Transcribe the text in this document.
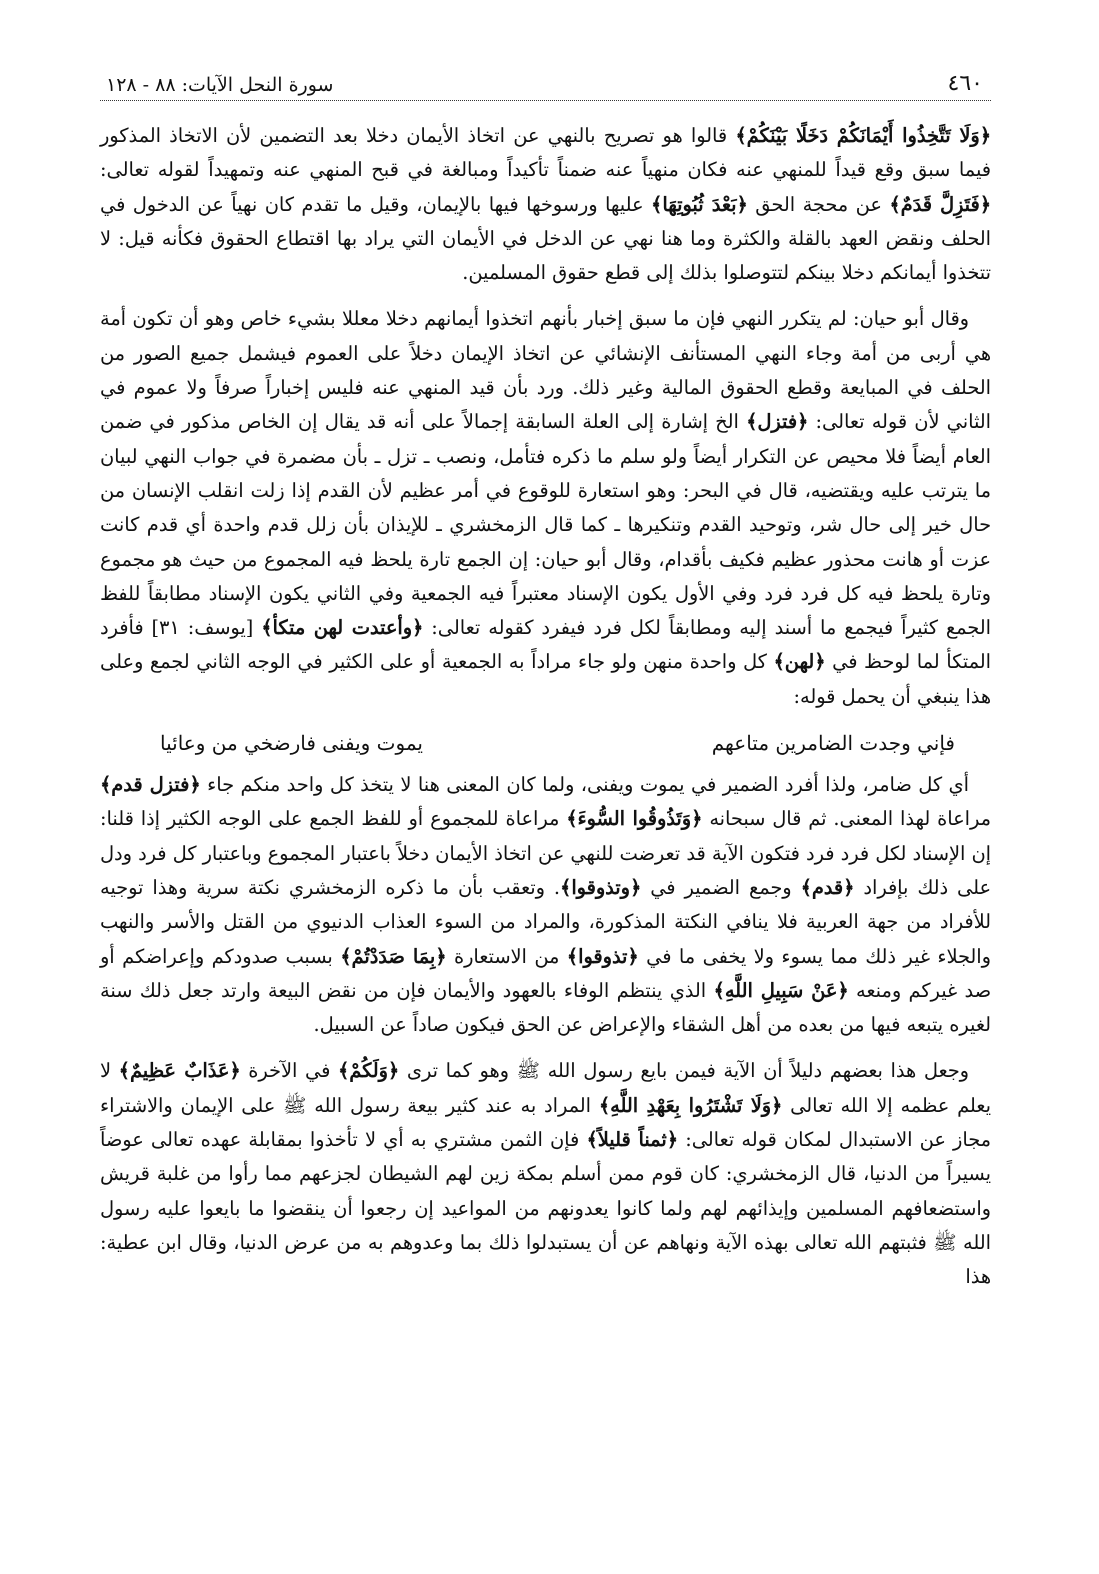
٤٦٠
سورة النحل الآيات: ٨٨ - ١٢٨

﴿وَلَا تَتَّخِذُوا أَيْمَانَكُمْ دَخَلًا بَيْنَكُمْ﴾ قالوا هو تصريح بالنهي عن اتخاذ الأيمان دخلا بعد التضمين لأن الاتخاذ المذكور فيما سبق وقع قيداً للمنهي عنه فكان منهياً عنه ضمناً تأكيداً ومبالغة في قبح المنهي عنه وتمهيداً لقوله تعالى: ﴿فَتَزِلَّ قَدَمٌ﴾ عن محجة الحق ﴿بَعْدَ ثُبُوتِهَا﴾ عليها ورسوخها فيها بالإيمان، وقيل ما تقدم كان نهياً عن الدخول في الحلف ونقض العهد بالقلة والكثرة وما هنا نهي عن الدخل في الأيمان التي يراد بها اقتطاع الحقوق فكأنه قيل: لا تتخذوا أيمانكم دخلا بينكم لتتوصلوا بذلك إلى قطع حقوق المسلمين.

وقال أبو حيان: لم يتكرر النهي فإن ما سبق إخبار بأنهم اتخذوا أيمانهم دخلا معللا بشيء خاص وهو أن تكون أمة هي أربى من أمة وجاء النهي المستأنف الإنشائي عن اتخاذ الإيمان دخلاً على العموم فيشمل جميع الصور من الحلف في المبايعة وقطع الحقوق المالية وغير ذلك. ورد بأن قيد المنهي عنه فليس إخباراً صرفاً ولا عموم في الثاني لأن قوله تعالى: ﴿فتزل﴾ الخ إشارة إلى العلة السابقة إجمالاً على أنه قد يقال إن الخاص مذكور في ضمن العام أيضاً فلا محيص عن التكرار أيضاً ولو سلم ما ذكره فتأمل، ونصب ـ تزل ـ بأن مضمرة في جواب النهي لبيان ما يترتب عليه ويقتضيه، قال في البحر: وهو استعارة للوقوع في أمر عظيم لأن القدم إذا زلت انقلب الإنسان من حال خير إلى حال شر، وتوحيد القدم وتنكيرها ـ كما قال الزمخشري ـ للإيذان بأن زلل قدم واحدة أي قدم كانت عزت أو هانت محذور عظيم فكيف بأقدام، وقال أبو حيان: إن الجمع تارة يلحظ فيه المجموع من حيث هو مجموع وتارة يلحظ فيه كل فرد فرد وفي الأول يكون الإسناد معتبراً فيه الجمعية وفي الثاني يكون الإسناد مطابقاً للفظ الجمع كثيراً فيجمع ما أسند إليه ومطابقاً لكل فرد فيفرد كقوله تعالى: ﴿وأعتدت لهن متكأ﴾ [يوسف: ٣١] فأفرد المتكأ لما لوحظ في ﴿لهن﴾ كل واحدة منهن ولو جاء مراداً به الجمعية أو على الكثير في الوجه الثاني لجمع وعلى هذا ينبغي أن يحمل قوله:

فإني وجدت الضامرين متاعهم
يموت ويفنى فارضخي من وعائيا

أي كل ضامر، ولذا أفرد الضمير في يموت ويفنى، ولما كان المعنى هنا لا يتخذ كل واحد منكم جاء ﴿فتزل قدم﴾ مراعاة لهذا المعنى. ثم قال سبحانه ﴿وَتَذُوقُوا السُّوءَ﴾ مراعاة للمجموع أو للفظ الجمع على الوجه الكثير إذا قلنا: إن الإسناد لكل فرد فرد فتكون الآية قد تعرضت للنهي عن اتخاذ الأيمان دخلاً باعتبار المجموع وباعتبار كل فرد ودل على ذلك بإفراد ﴿قدم﴾ وجمع الضمير في ﴿وتذوقوا﴾. وتعقب بأن ما ذكره الزمخشري نكتة سرية وهذا توجيه للأفراد من جهة العربية فلا ينافي النكتة المذكورة، والمراد من السوء العذاب الدنيوي من القتل والأسر والنهب والجلاء غير ذلك مما يسوء ولا يخفى ما في ﴿تذوقوا﴾ من الاستعارة ﴿بِمَا صَدَدْتُمْ﴾ بسبب صدودكم وإعراضكم أو صد غيركم ومنعه ﴿عَنْ سَبِيلِ اللَّهِ﴾ الذي ينتظم الوفاء بالعهود والأيمان فإن من نقض البيعة وارتد جعل ذلك سنة لغيره يتبعه فيها من بعده من أهل الشقاء والإعراض عن الحق فيكون صاداً عن السبيل.

وجعل هذا بعضهم دليلاً أن الآية فيمن بايع رسول الله ﷺ وهو كما ترى ﴿وَلَكُمْ﴾ في الآخرة ﴿عَذَابٌ عَظِيمٌ﴾ لا يعلم عظمه إلا الله تعالى ﴿وَلَا تَشْتَرُوا بِعَهْدِ اللَّهِ﴾ المراد به عند كثير بيعة رسول الله ﷺ على الإيمان والاشتراء مجاز عن الاستبدال لمكان قوله تعالى: ﴿ثمناً قليلاً﴾ فإن الثمن مشتري به أي لا تأخذوا بمقابلة عهده تعالى عوضاً يسيراً من الدنيا، قال الزمخشري: كان قوم ممن أسلم بمكة زين لهم الشيطان لجزعهم مما رأوا من غلبة قريش واستضعافهم المسلمين وإيذائهم لهم ولما كانوا يعدونهم من المواعيد إن رجعوا أن ينقضوا ما بايعوا عليه رسول الله ﷺ فثبتهم الله تعالى بهذه الآية ونهاهم عن أن يستبدلوا ذلك بما وعدوهم به من عرض الدنيا، وقال ابن عطية: هذا
